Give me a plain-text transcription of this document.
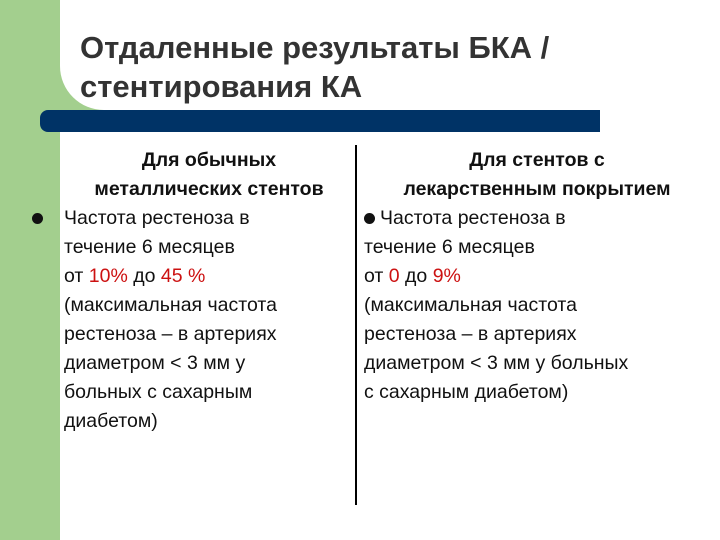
Отдаленные результаты БКА /
стентирования КА
Для обычных
металлических стентов
Частота рестеноза в
течение 6 месяцев
от 10% до 45 %
(максимальная частота
рестеноза – в артериях
диаметром < 3 мм у
больных с сахарным
диабетом)
Для стентов с
лекарственным покрытием
Частота рестеноза в
течение 6 месяцев
от 0 до 9%
(максимальная частота
рестеноза – в артериях
диаметром < 3 мм у больных
с сахарным диабетом)
